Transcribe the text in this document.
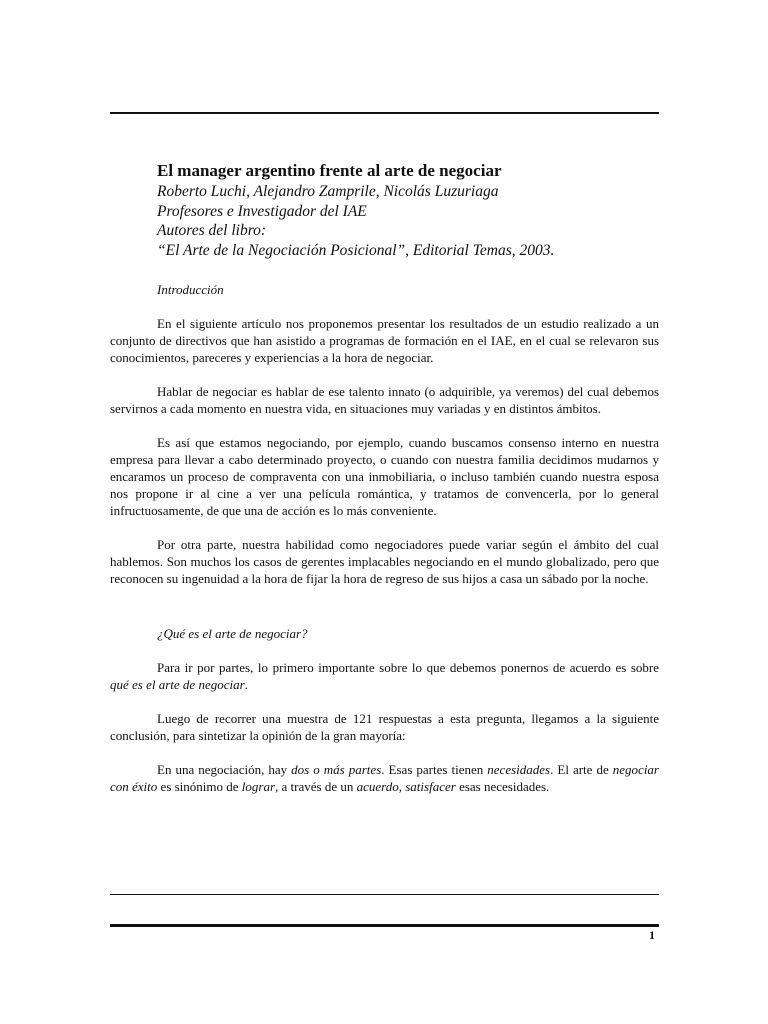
El manager argentino frente al arte de negociar
Roberto Luchi, Alejandro Zamprile, Nicolás Luzuriaga
Profesores e Investigador del IAE
Autores del libro:
“El Arte de la Negociación Posicional”, Editorial Temas, 2003.
Introducción

En el siguiente artículo nos proponemos presentar los resultados de un estudio realizado a un conjunto de directivos que han asistido a programas de formación en el IAE, en el cual se relevaron sus conocimientos, pareceres y experiencias a la hora de negociar.

Hablar de negociar es hablar de ese talento innato (o adquirible, ya veremos) del cual debemos servirnos a cada momento en nuestra vida, en situaciones muy variadas y en distintos ámbitos.

Es así que estamos negociando, por ejemplo, cuando buscamos consenso interno en nuestra empresa para llevar a cabo determinado proyecto, o cuando con nuestra familia decidimos mudarnos y encaramos un proceso de compraventa con una inmobiliaria, o incluso también cuando nuestra esposa nos propone ir al cine a ver una película romántica, y tratamos de convencerla, por lo general infructuosamente, de que una de acción es lo más conveniente.

Por otra parte, nuestra habilidad como negociadores puede variar según el ámbito del cual hablemos. Son muchos los casos de gerentes implacables negociando en el mundo globalizado, pero que reconocen su ingenuidad a la hora de fijar la hora de regreso de sus hijos a casa un sábado por la noche.

¿Qué es el arte de negociar?

Para ir por partes, lo primero importante sobre lo que debemos ponernos de acuerdo es sobre qué es el arte de negociar.

Luego de recorrer una muestra de 121 respuestas a esta pregunta, llegamos a la siguiente conclusión, para sintetizar la opinión de la gran mayoría:

En una negociación, hay dos o más partes. Esas partes tienen necesidades. El arte de negociar con éxito es sinónimo de lograr, a través de un acuerdo, satisfacer esas necesidades.

1
